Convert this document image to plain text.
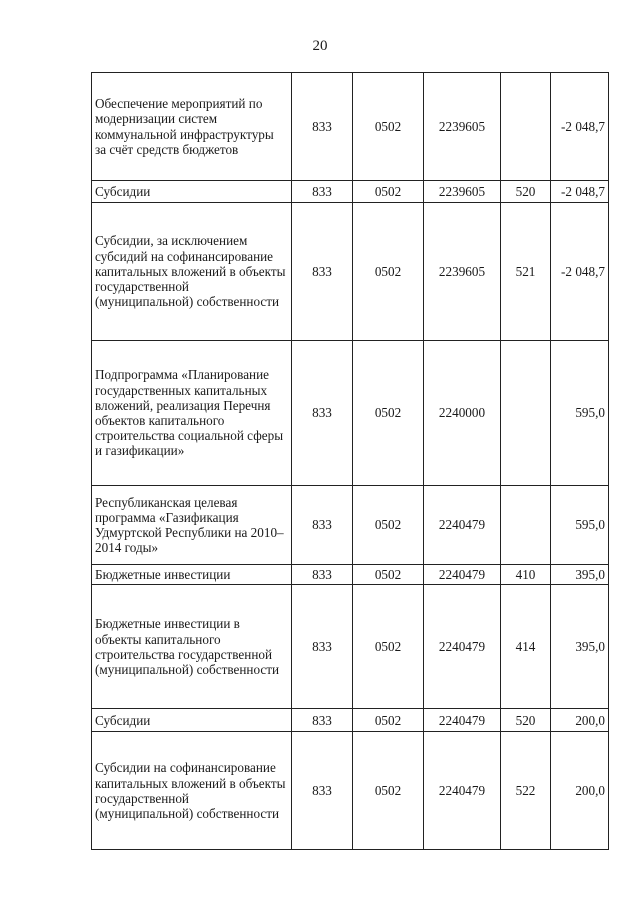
20
Обеспечение мероприятий по модернизации систем коммунальной инфраструктуры за счёт средств бюджетов	833	0502	2239605		-2 048,7
Субсидии	833	0502	2239605	520	-2 048,7
Субсидии, за исключением субсидий на софинансирование капитальных вложений в объекты государственной (муниципальной) собственности	833	0502	2239605	521	-2 048,7
Подпрограмма «Планирование государственных капитальных вложений, реализация Перечня объектов капитального строительства социальной сферы и газификации»	833	0502	2240000		595,0
Республиканская целевая программа «Газификация Удмуртской Республики на 2010–2014 годы»	833	0502	2240479		595,0
Бюджетные инвестиции	833	0502	2240479	410	395,0
Бюджетные инвестиции в объекты капитального строительства государственной (муниципальной) собственности	833	0502	2240479	414	395,0
Субсидии	833	0502	2240479	520	200,0
Субсидии на софинансирование капитальных вложений в объекты государственной (муниципальной) собственности	833	0502	2240479	522	200,0
